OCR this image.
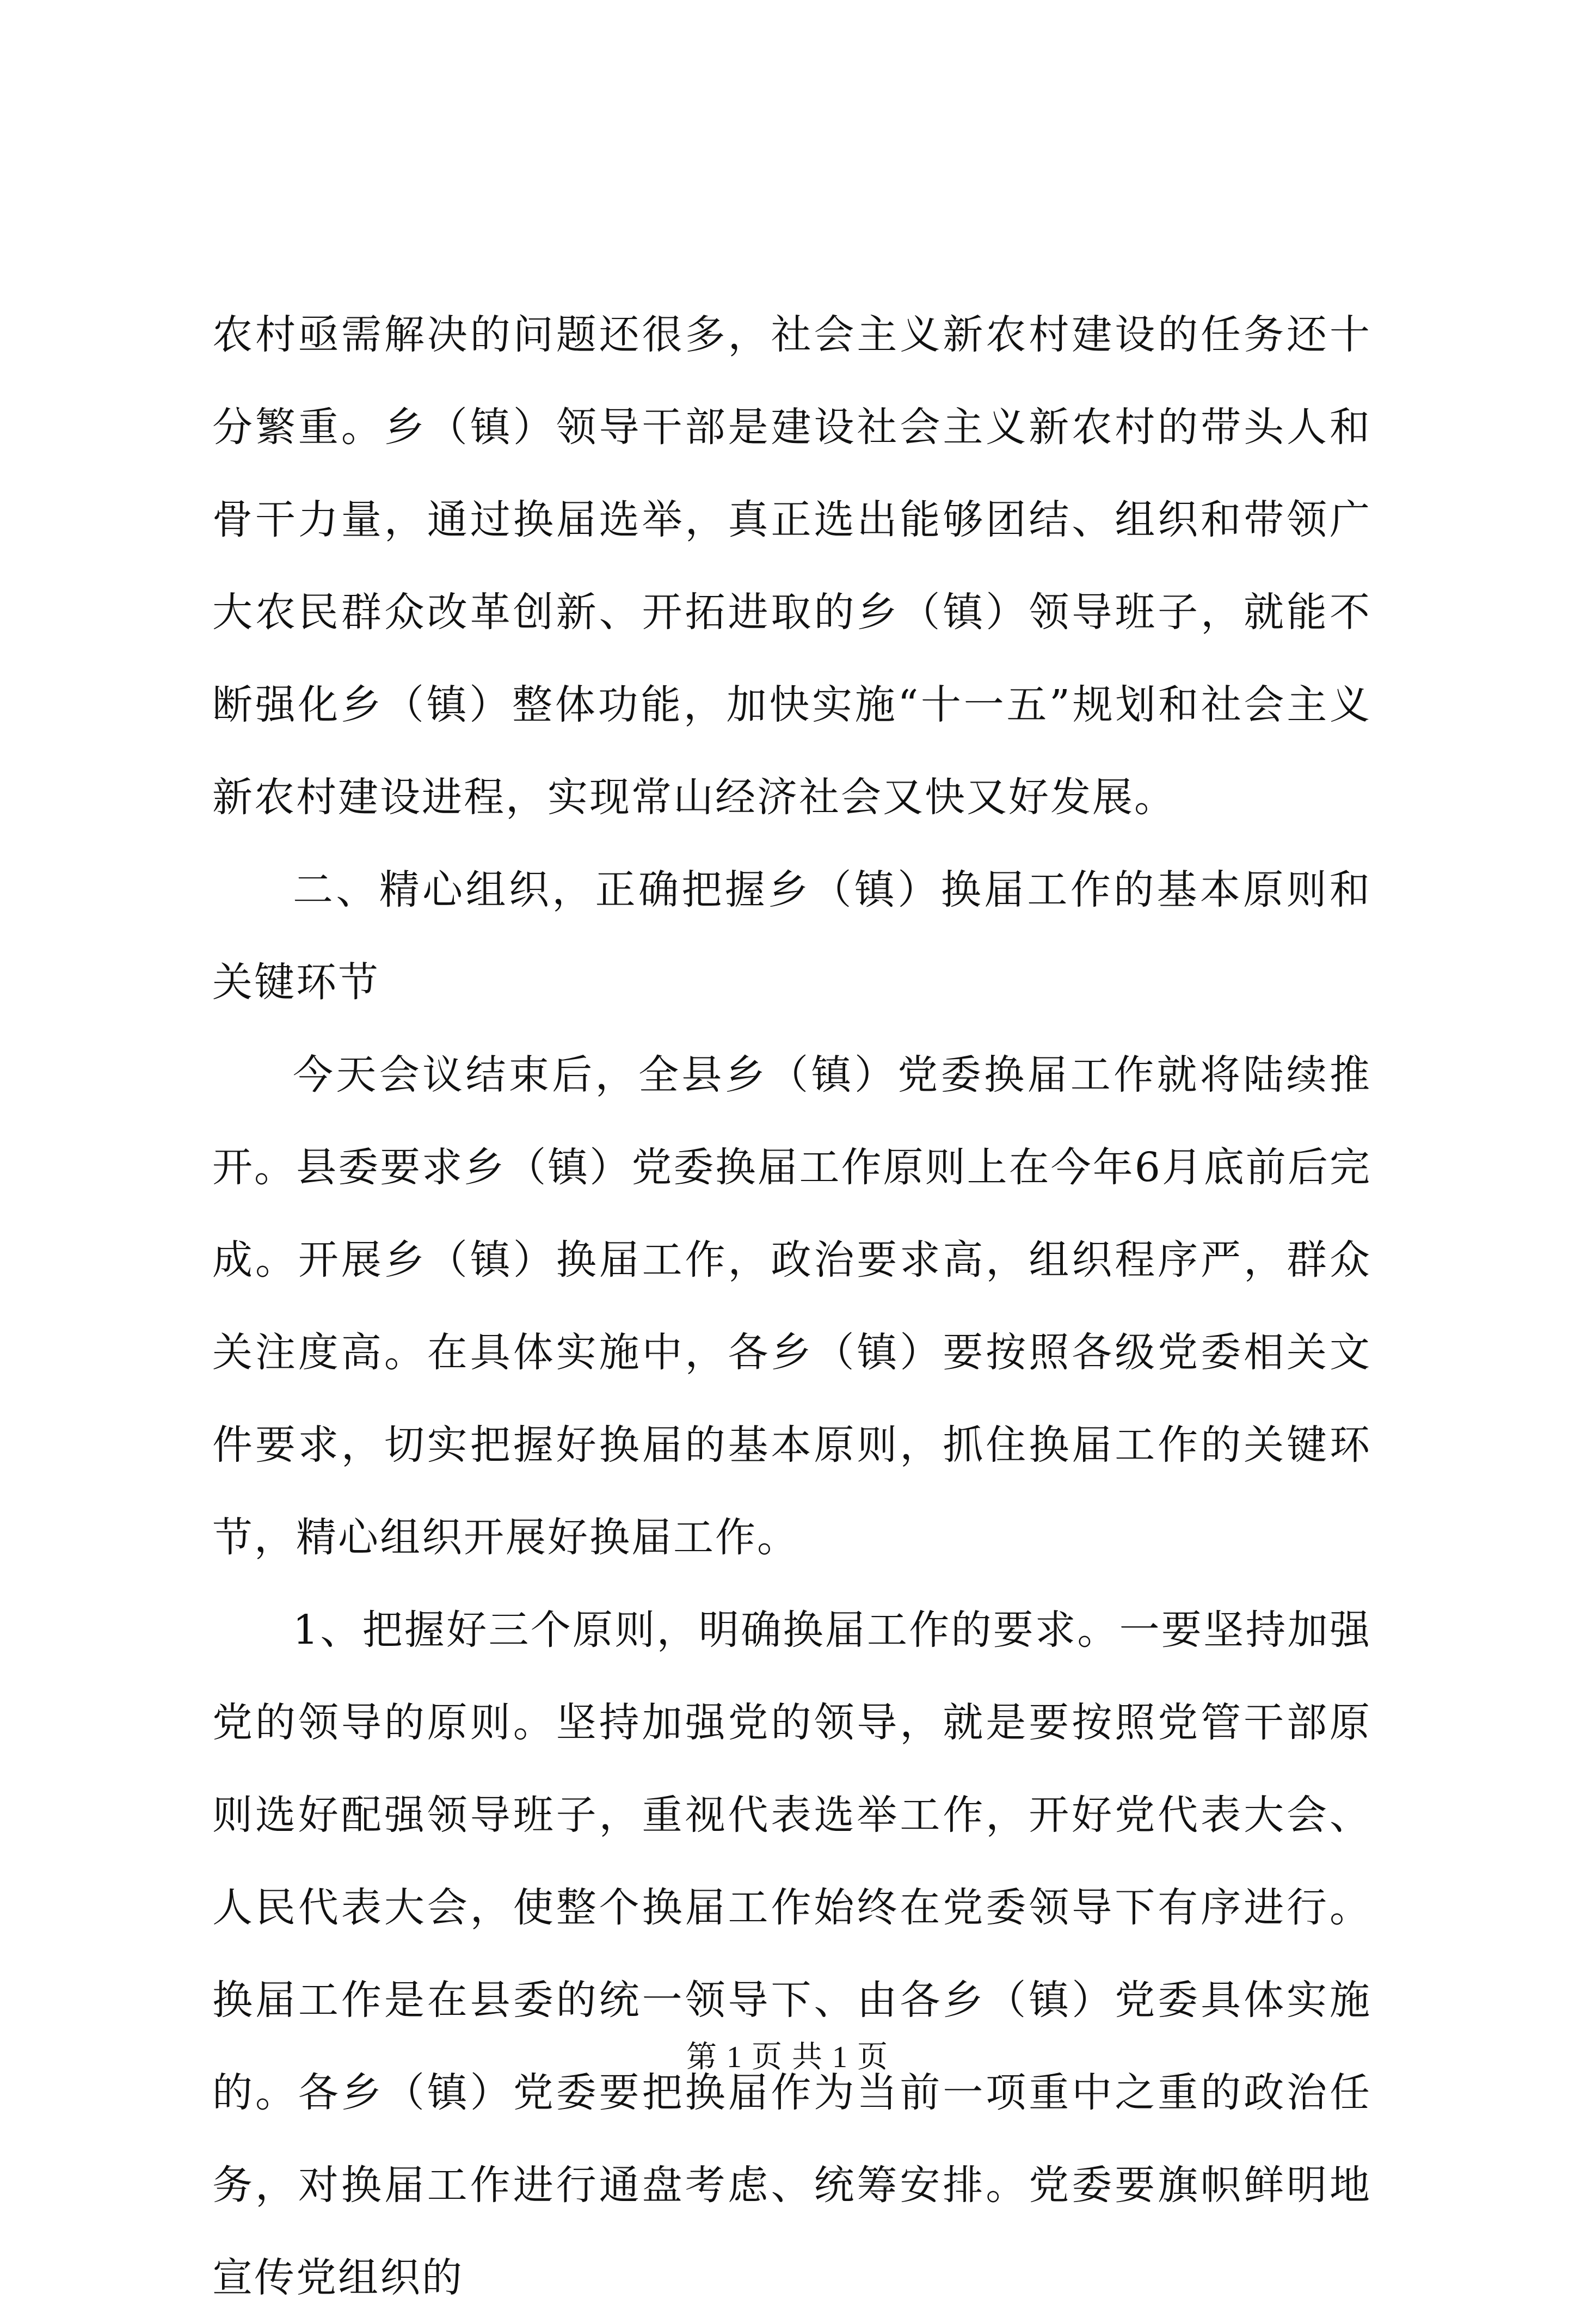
农村亟需解决的问题还很多，社会主义新农村建设的任务还十分繁重。乡（镇）领导干部是建设社会主义新农村的带头人和骨干力量，通过换届选举，真正选出能够团结、组织和带领广大农民群众改革创新、开拓进取的乡（镇）领导班子，就能不断强化乡（镇）整体功能，加快实施“十一五”规划和社会主义新农村建设进程，实现常山经济社会又快又好发展。

二、精心组织，正确把握乡（镇）换届工作的基本原则和关键环节

今天会议结束后，全县乡（镇）党委换届工作就将陆续推开。县委要求乡（镇）党委换届工作原则上在今年6月底前后完成。开展乡（镇）换届工作，政治要求高，组织程序严，群众关注度高。在具体实施中，各乡（镇）要按照各级党委相关文件要求，切实把握好换届的基本原则，抓住换届工作的关键环节，精心组织开展好换届工作。

1、把握好三个原则，明确换届工作的要求。一要坚持加强党的领导的原则。坚持加强党的领导，就是要按照党管干部原则选好配强领导班子，重视代表选举工作，开好党代表大会、人民代表大会，使整个换届工作始终在党委领导下有序进行。换届工作是在县委的统一领导下、由各乡（镇）党委具体实施的。各乡（镇）党委要把换届作为当前一项重中之重的政治任务，对换届工作进行通盘考虑、统筹安排。党委要旗帜鲜明地宣传党组织的

第 1 页 共 1 页
